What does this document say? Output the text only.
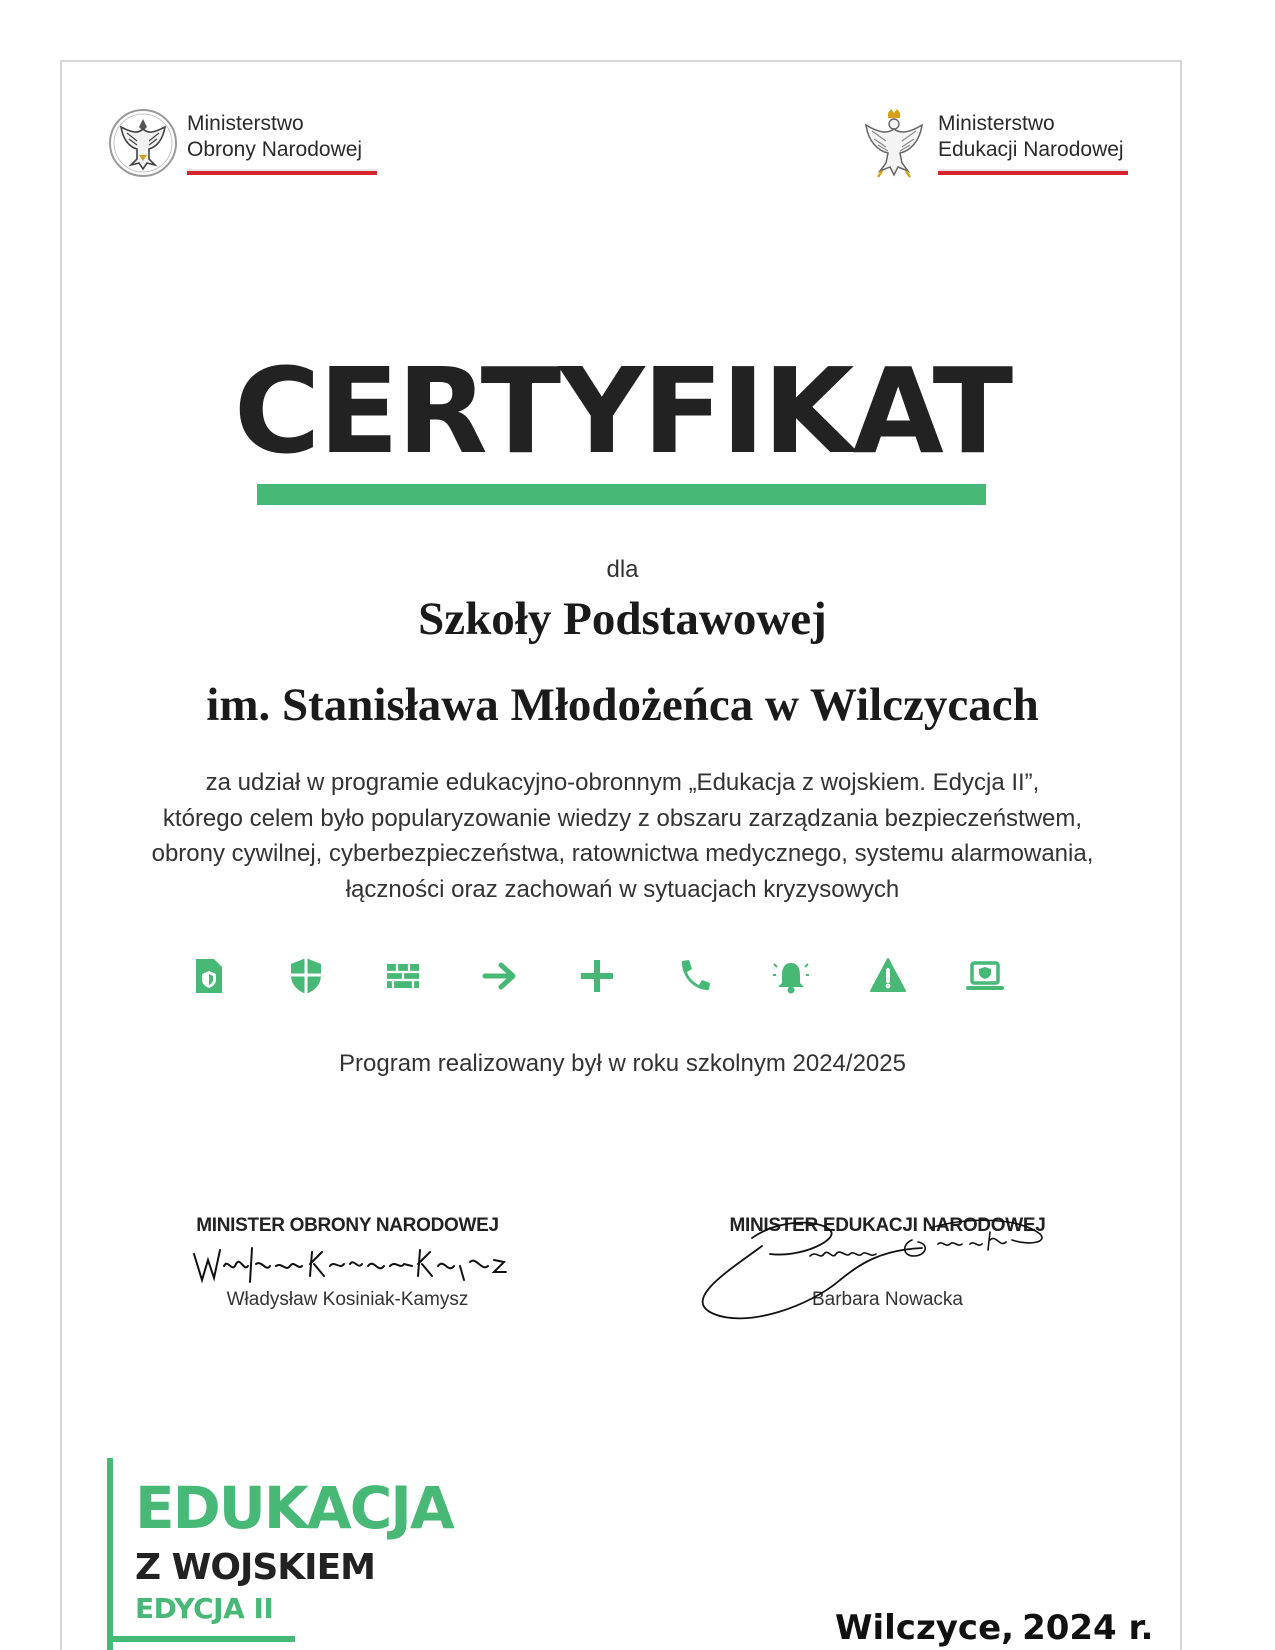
Ministerstwo
Obrony Narodowej
Ministerstwo
Edukacji Narodowej
CERTYFIKAT
dla
Szkoły Podstawowej
im. Stanisława Młodożeńca w Wilczycach
za udział w programie edukacyjno-obronnym „Edukacja z wojskiem. Edycja II”,
którego celem było popularyzowanie wiedzy z obszaru zarządzania bezpieczeństwem,
obrony cywilnej, cyberbezpieczeństwa, ratownictwa medycznego, systemu alarmowania,
łączności oraz zachowań w sytuacjach kryzysowych
Program realizowany był w roku szkolnym 2024/2025
MINISTER OBRONY NARODOWEJ
Władysław Kosiniak-Kamysz
MINISTER EDUKACJI NARODOWEJ
Barbara Nowacka
EDUKACJA
Z WOJSKIEM
EDYCJA II	Wilczyce, 2024 r.
